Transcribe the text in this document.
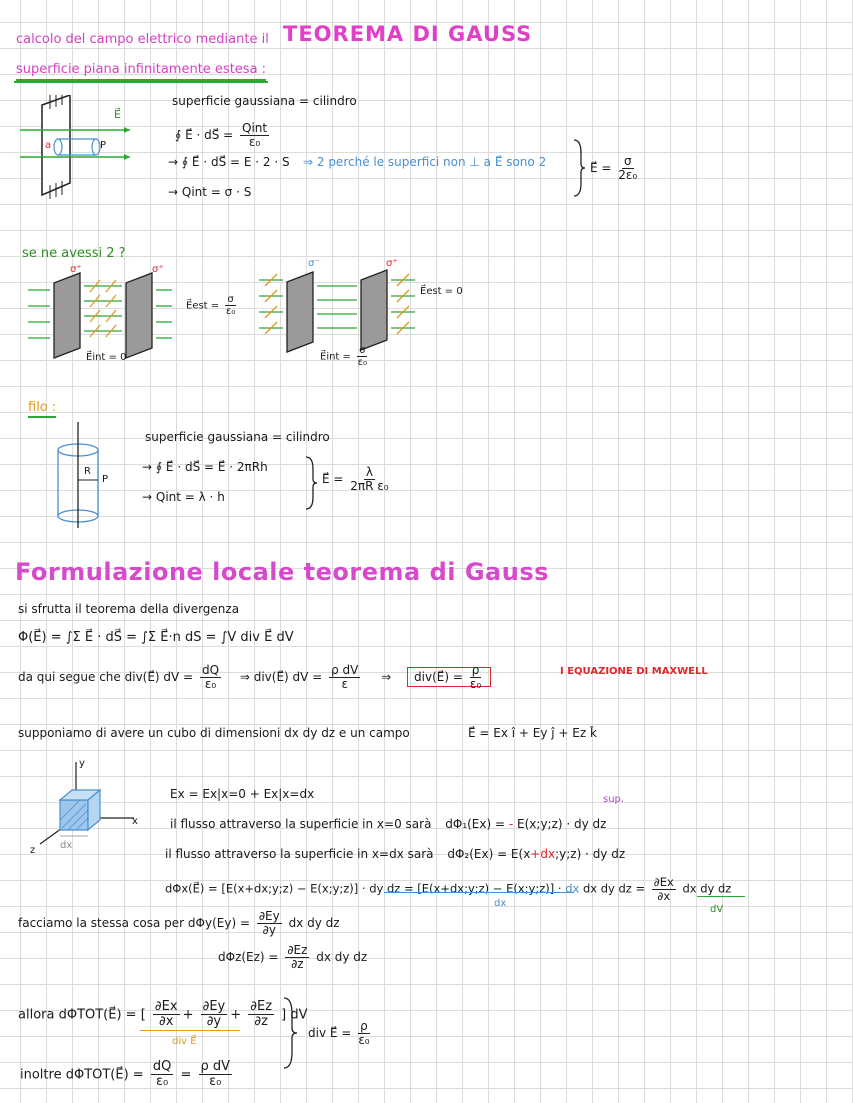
calcolo del campo elettrico mediante il TEOREMA DI GAUSS
superficie piana infinitamente estesa :
E⃗
a	P
superficie gaussiana = cilindro
∮ E⃗ · dS⃗ = $\frac{\text{Qint}}{\text{ε₀}}$
→ ∮ E⃗ · dS⃗ = E · 2 · S ⇒ 2 perché le superfici non ⊥ a E⃗ sono 2
→ Qint = σ · S
E⃗ = $\frac{\sigma}{\text{2ε₀}}$
se ne avessi 2 ?
σ⁺	σ⁺
E⃗est = $\frac{\sigma}{\text{ε₀}}$
E⃗int = 0
σ⁻	σ⁺
E⃗est = 0
E⃗int = $\frac{\sigma}{\text{ε₀}}$
filo :
R
P
superficie gaussiana = cilindro
→ ∮ E⃗ · dS⃗ = E⃗ · 2πRh
→ Qint = λ · h
E⃗ = $\frac{\lambda}{\text{2πR ε₀}}$
Formulazione locale teorema di Gauss
si sfrutta il teorema della divergenza
Φ(E⃗) = ∫Σ E⃗ · dS⃗ = ∫Σ E⃗·n dS = ∫V div E⃗ dV
da qui segue che div(E⃗) dV = $\frac{dQ}{\text{ε₀}}$ ⇒ div(E⃗) dV = $\frac{\text{ρ dV}}{\varepsilon}$ ⇒ div(E⃗) = $\frac{\rho}{\text{ε₀}}$	I EQUAZIONE DI MAXWELL
supponiamo di avere un cubo di dimensioni dx dy dz e un campo	E⃗ = Ex î + Ey ĵ + Ez k̂
y
x
z dx
Ex = Ex|x=0 + Ex|x=dx	sup.
il flusso attraverso la superficie in x=0 sarà dΦ₁(Ex) = - E(x;y;z) · dy dz
il flusso attraverso la superficie in x=dx sarà dΦ₂(Ex) = E(x+dx;y;z) · dy dz
dΦx(E⃗) = [E(x+dx;y;z) − E(x;y;z)] · dy dz = [E(x+dx;y;z) − E(x;y;z)] · dx dx dy dz = $\frac{\partial Ex}{\partial x}$ dx dy dz
dx
dV
facciamo la stessa cosa per $d\Phi y(Ey) = \frac{\partial Ey}{\partial y}$ dx dy dz
$d\Phi z(Ez) = \frac{\partial Ez}{\partial z}$ dx dy dz
allora dΦTOT(E⃗) = [ $\frac{\partial Ex}{\partial x} + \frac{\partial Ey}{\partial y} + \frac{\partial Ez}{\partial z}$ ] dV
div E⃗
div E⃗ = $\frac{\rho}{\text{ε₀}}$
inoltre dΦTOT(E⃗) = $\frac{dQ}{\text{ε₀}} = \frac{\text{ρ dV}}{\text{ε₀}}$
